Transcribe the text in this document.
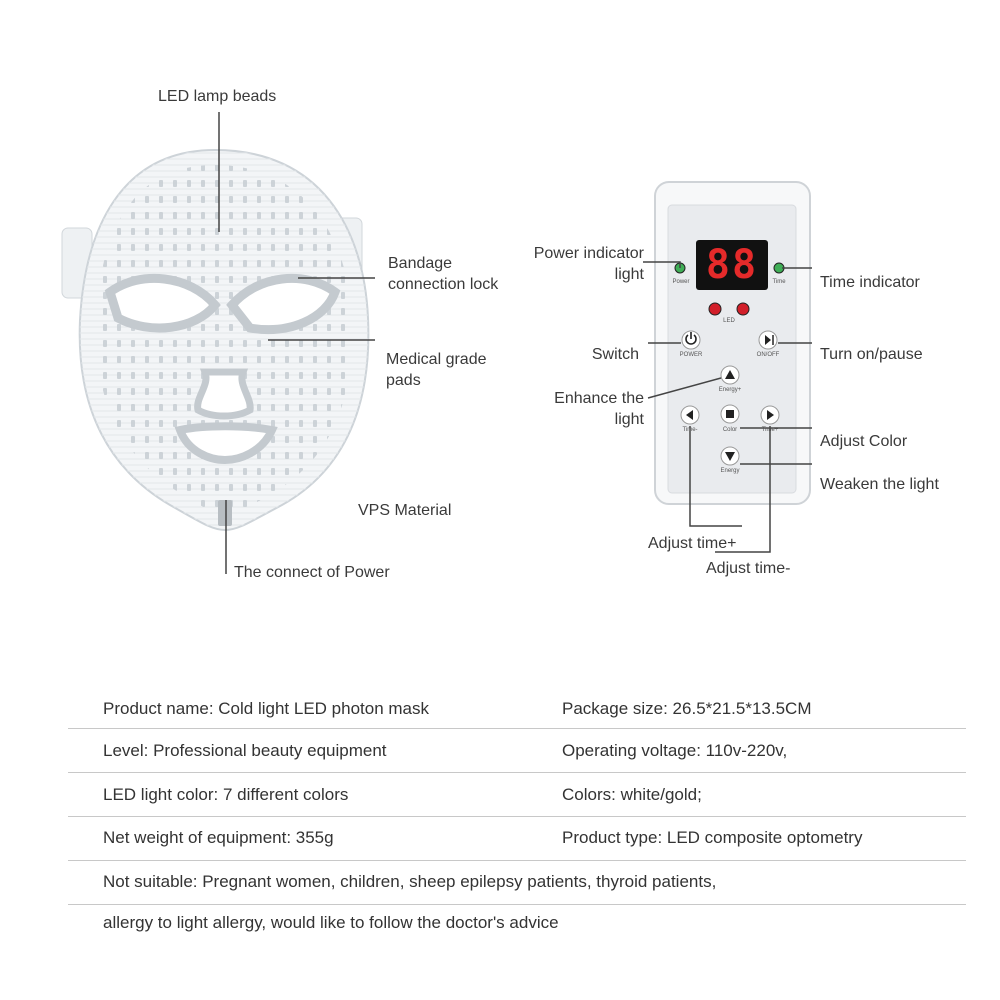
LED lamp beads
Bandage
connection lock
Medical grade
pads
VPS Material
The connect of Power
88
Power	Time
LED
POWER	ON/OFF
Energy+
Time-	Color	Time+
Energy
Power indicator
light	Time indicator
Switch	Turn on/pause
Enhance the
light
Adjust Color
Weaken the light
Adjust time+
Adjust time-
Product name: Cold light LED photon mask	Package size: 26.5*21.5*13.5CM
Level: Professional beauty equipment	Operating voltage: 110v-220v,
LED light color: 7 different colors	Colors: white/gold;
Net weight of equipment: 355g	Product type: LED composite optometry
Not suitable: Pregnant women, children, sheep epilepsy patients, thyroid patients,
allergy to light allergy, would like to follow the doctor's advice
